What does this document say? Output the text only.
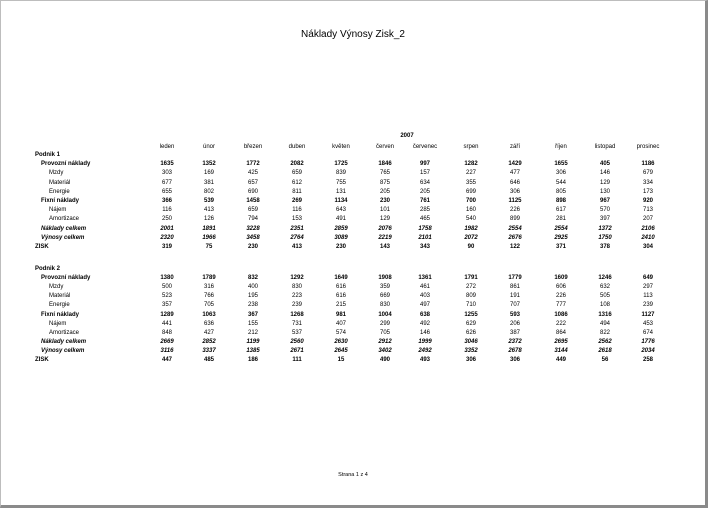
Náklady Výnosy Zisk_2
2007
leden	únor	březen	duben	květen	červen	červenec	srpen	září	říjen	listopad	prosinec
Podnik 1
Provozní náklady	1635	1352	1772	2082	1725	1846	997	1282	1429	1655	405	1186
Mzdy	303	169	425	659	839	765	157	227	477	306	146	679
Materiál	677	381	657	612	755	875	634	355	646	544	129	334
Energie	655	802	690	811	131	205	205	699	306	805	130	173
Fixní náklady	366	539	1458	269	1134	230	761	700	1125	898	967	920
Nájem	116	413	659	116	643	101	285	160	226	617	570	713
Amortizace	250	126	794	153	491	129	465	540	899	281	397	207
Náklady celkem	2001	1891	3228	2351	2859	2076	1758	1982	2554	2554	1372	2106
Výnosy celkem	2320	1966	3458	2764	3089	2219	2101	2072	2676	2925	1750	2410
ZISK	319	75	230	413	230	143	343	90	122	371	378	304
Podnik 2
Provozní náklady	1380	1789	832	1292	1649	1908	1361	1791	1779	1609	1246	649
Mzdy	500	316	400	830	616	359	461	272	861	606	632	297
Materiál	523	766	195	223	616	669	403	809	191	226	505	113
Energie	357	705	238	239	215	830	497	710	707	777	108	239
Fixní náklady	1289	1063	367	1268	981	1004	638	1255	593	1086	1316	1127
Nájem	441	636	155	731	407	299	492	629	206	222	494	453
Amortizace	848	427	212	537	574	705	146	626	387	864	822	674
Náklady celkem	2669	2852	1199	2560	2630	2912	1999	3046	2372	2695	2562	1776
Výnosy celkem	3116	3337	1385	2671	2645	3402	2492	3352	2678	3144	2618	2034
ZISK	447	485	186	111	15	490	493	306	306	449	56	258
Strana 1 z 4
